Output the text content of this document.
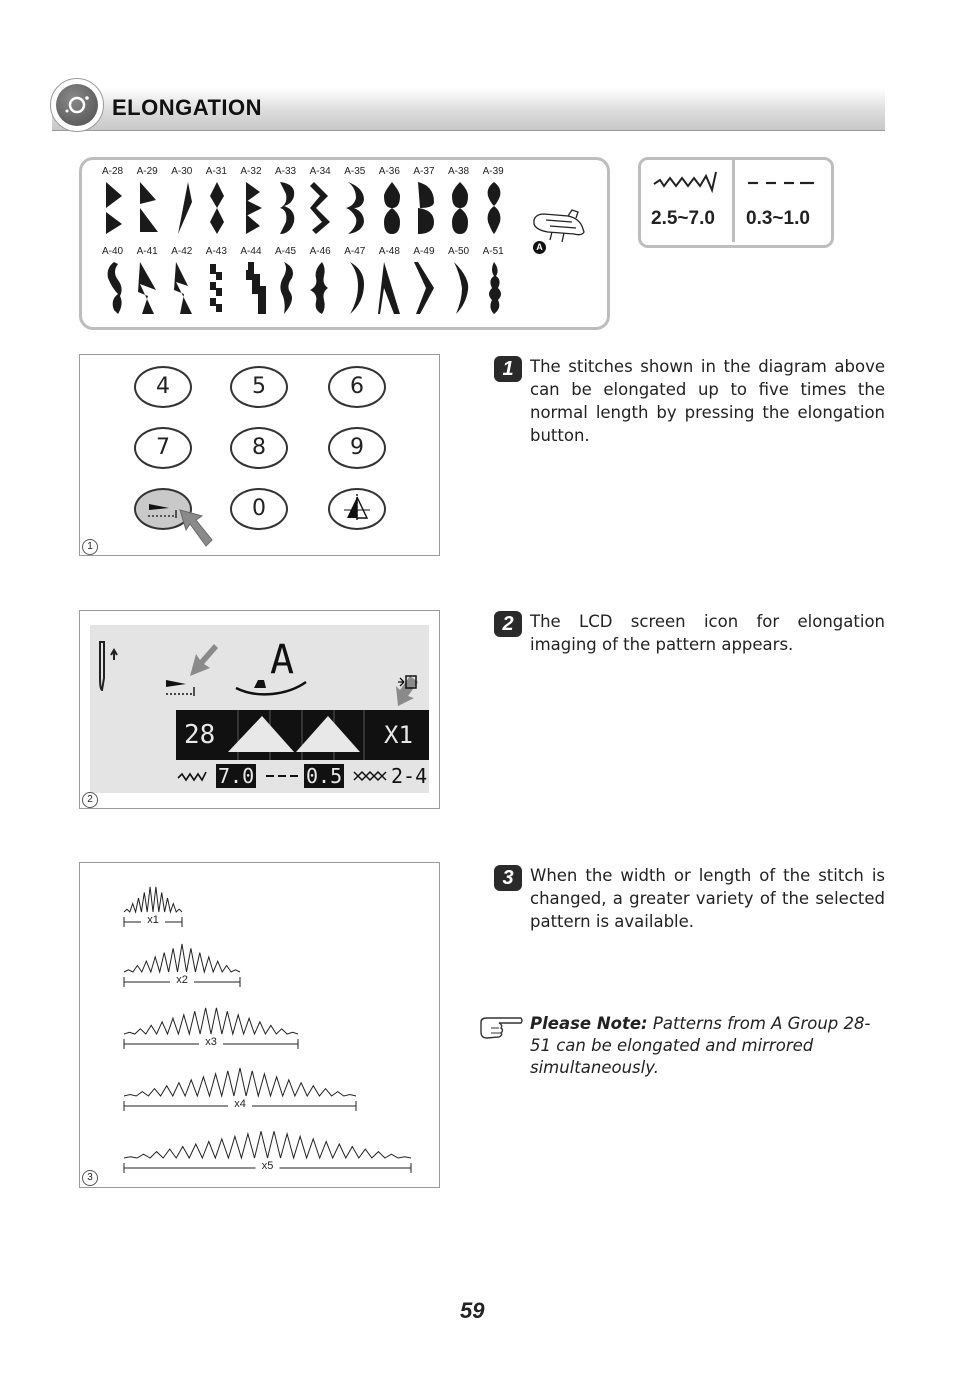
ELONGATION
A-28 A-29 A-30 A-31 A-32 A-33 A-34 A-35 A-36 A-37 A-38 A-39
A-40 A-41 A-42 A-43 A-44 A-45 A-46 A-47 A-48 A-49 A-50 A-51	A
2.5~7.0 0.3~1.0
4	5	6
7	8	9
0
1
A
28	X1
7.0	0.5 2-4
2
x1
x2
x3
x4
x5
3
1 The stitches shown in the diagram above can be elongated up to five times the normal length by pressing the elongation button.
2 The LCD screen icon for elongation imaging of the pattern appears.
3 When the width or length of the stitch is changed, a greater variety of the selected pattern is available.
Please Note: Patterns from A Group 28-51 can be elongated and mirrored simultaneously.
59
